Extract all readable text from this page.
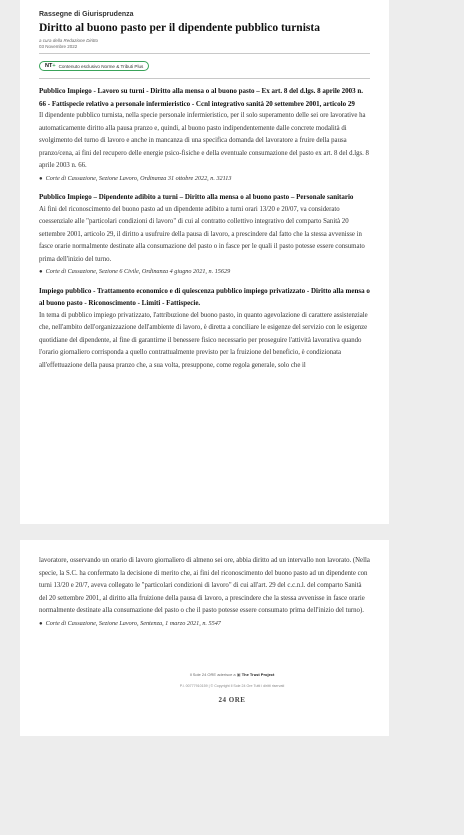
Rassegne di Giurisprudenza
Diritto al buono pasto per il dipendente pubblico turnista
a cura della Redazione Diritto
03 Novembre 2022
NT+ Contenuto esclusivo Norme & Tributi Plus
Pubblico Impiego - Lavoro su turni - Diritto alla mensa o al buono pasto – Ex art. 8 del d.lgs. 8 aprile 2003 n. 66 - Fattispecie relativo a personale infermieristico - Ccnl integrativo sanità 20 settembre 2001, articolo 29
Il dipendente pubblico turnista, nella specie personale infermieristico, per il solo superamento delle sei ore lavorative ha automaticamente diritto alla pausa pranzo e, quindi, al buono pasto indipendentemente dalle concrete modalità di svolgimento del turno di lavoro e anche in mancanza di una specifica domanda del lavoratore a fruire della pausa pranzo/cena, ai fini del recupero delle energie psico-fisiche e della eventuale consumazione del pasto ex art. 8 del d.lgs. 8 aprile 2003 n. 66.
● Corte di Cassazione, Sezione Lavoro, Ordinanza 31 ottobre 2022, n. 32113
Pubblico Impiego – Dipendente adibito a turni – Diritto alla mensa o al buono pasto – Personale sanitario
Ai fini del riconoscimento del buono pasto ad un dipendente adibito a turni orari 13/20 e 20/07, va considerato coessenziale alle "particolari condizioni di lavoro" di cui al contratto collettivo integrativo del comparto Sanità 20 settembre 2001, articolo 29, il diritto a usufruire della pausa di lavoro, a prescindere dal fatto che la stessa avvenisse in fasce orarie normalmente destinate alla consumazione del pasto o in fasce per le quali il pasto potesse essere consumato prima dell'inizio del turno.
● Corte di Cassazione, Sezione 6 Civile, Ordinanza 4 giugno 2021, n. 15629
Impiego pubblico - Trattamento economico e di quiescenza pubblico impiego privatizzato - Diritto alla mensa o al buono pasto - Riconoscimento - Limiti - Fattispecie.
In tema di pubblico impiego privatizzato, l'attribuzione del buono pasto, in quanto agevolazione di carattere assistenziale che, nell'ambito dell'organizzazione dell'ambiente di lavoro, è diretta a conciliare le esigenze del servizio con le esigenze quotidiane del dipendente, al fine di garantirne il benessere fisico necessario per proseguire l'attività lavorativa quando l'orario giornaliero corrisponda a quello contrattualmente previsto per la fruizione del beneficio, è condizionata all'effettuazione della pausa pranzo che, a sua volta, presuppone, come regola generale, solo che il
lavoratore, osservando un orario di lavoro giornaliero di almeno sei ore, abbia diritto ad un intervallo non lavorato. (Nella specie, la S.C. ha confermato la decisione di merito che, ai fini del riconoscimento del buono pasto ad un dipendente con turni 13/20 e 20/7, aveva collegato le "particolari condizioni di lavoro" di cui all'art. 29 del c.c.n.l. del comparto Sanità del 20 settembre 2001, al diritto alla fruizione della pausa di lavoro, a prescindere che la stessa avvenisse in fasce orarie normalmente destinate alla consumazione del pasto o che il pasto potesse essere consumato prima dell'inizio del turno).
● Corte di Cassazione, Sezione Lavoro, Sentenza, 1 marzo 2021, n. 5547
Il Sole 24 ORE aderisce a ▣ The Trust Project
P.I. 00777910159 | © Copyright Il Sole 24 Ore Tutti i diritti riservati
24 ORE
